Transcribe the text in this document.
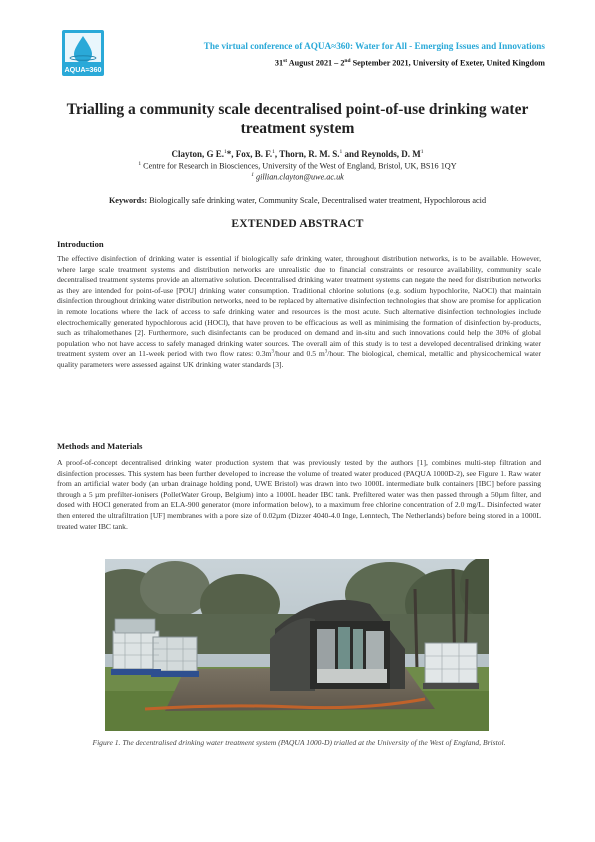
AQUA≈360
The virtual conference of AQUA≈360: Water for All - Emerging Issues and Innovations
31st August 2021 – 2nd September 2021, University of Exeter, United Kingdom
Trialling a community scale decentralised point-of-use drinking water treatment system
Clayton, G E.$^1$*, Fox, B. F.$^1$, Thorn, R. M. S.$^1$ and Reynolds, D. $M^1$
$^1$ Centre for Research in Biosciences, University of the West of England, Bristol, UK, BS16 1QY
$^1$ gillian.clayton@uwe.ac.uk
Keywords: Biologically safe drinking water, Community Scale, Decentralised water treatment, Hypochlorous acid
EXTENDED ABSTRACT
Introduction
The effective disinfection of drinking water is essential if biologically safe drinking water, throughout distribution networks, is to be available. However, where large scale treatment systems and distribution networks are unrealistic due to financial constraints or resource availability, community scale decentralised treatment systems provide an alternative solution. Decentralised drinking water treatment systems can negate the need for distribution networks as they are intended for point-of-use [POU] drinking water consumption. Traditional chlorine solutions (e.g. sodium hypochlorite, NaOCl) that maintain disinfection throughout drinking water distribution networks, need to be replaced by alternative disinfection technologies that show are promise for application in remote locations where the lack of access to safe drinking water and resources is the most acute. Such alternative disinfection technologies include electrochemically generated hypochlorous acid (HOCl), that have proven to be efficacious as well as minimising the formation of disinfection by-products, such as trihalomethanes [2]. Furthermore, such disinfectants can be produced on demand and in-situ and such innovations could help the 30% of global population who not have access to safely managed drinking water sources. The overall aim of this study is to test a developed decentralised drinking water treatment system over an 11-week period with two flow rates: $0.3m^3$/hour and 0.5 $m^3$/hour. The biological, chemical, metallic and physicochemical water quality parameters were assessed against UK drinking water standards [3].
Methods and Materials
A proof-of-concept decentralised drinking water production system that was previously tested by the authors [1], combines multi-step filtration and disinfection processes. This system has been further developed to increase the volume of treated water produced (PAQUA 1000D-2), see Figure 1. Raw water from an artificial water body (an urban drainage holding pond, UWE Bristol) was drawn into two 1000L intermediate bulk containers [IBC] before passing through a 5 µm prefilter-ionisers (PolletWater Group, Belgium) into a 1000L header IBC tank. Prefiltered water was then passed through a 50µm filter, and dosed with HOCl generated from an ELA-900 generator (more information below), to a maximum free chlorine concentration of 2.0 mg/L. Disinfected water then entered the ultrafiltration [UF] membranes with a pore size of 0.02µm (Dizzer 4040-4.0 Inge, Lenntech, The Netherlands) before being stored in a 1000L treated water IBC tank.
Figure 1. The decentralised drinking water treatment system (PAQUA 1000-D) trialled at the University of the West of England, Bristol.
